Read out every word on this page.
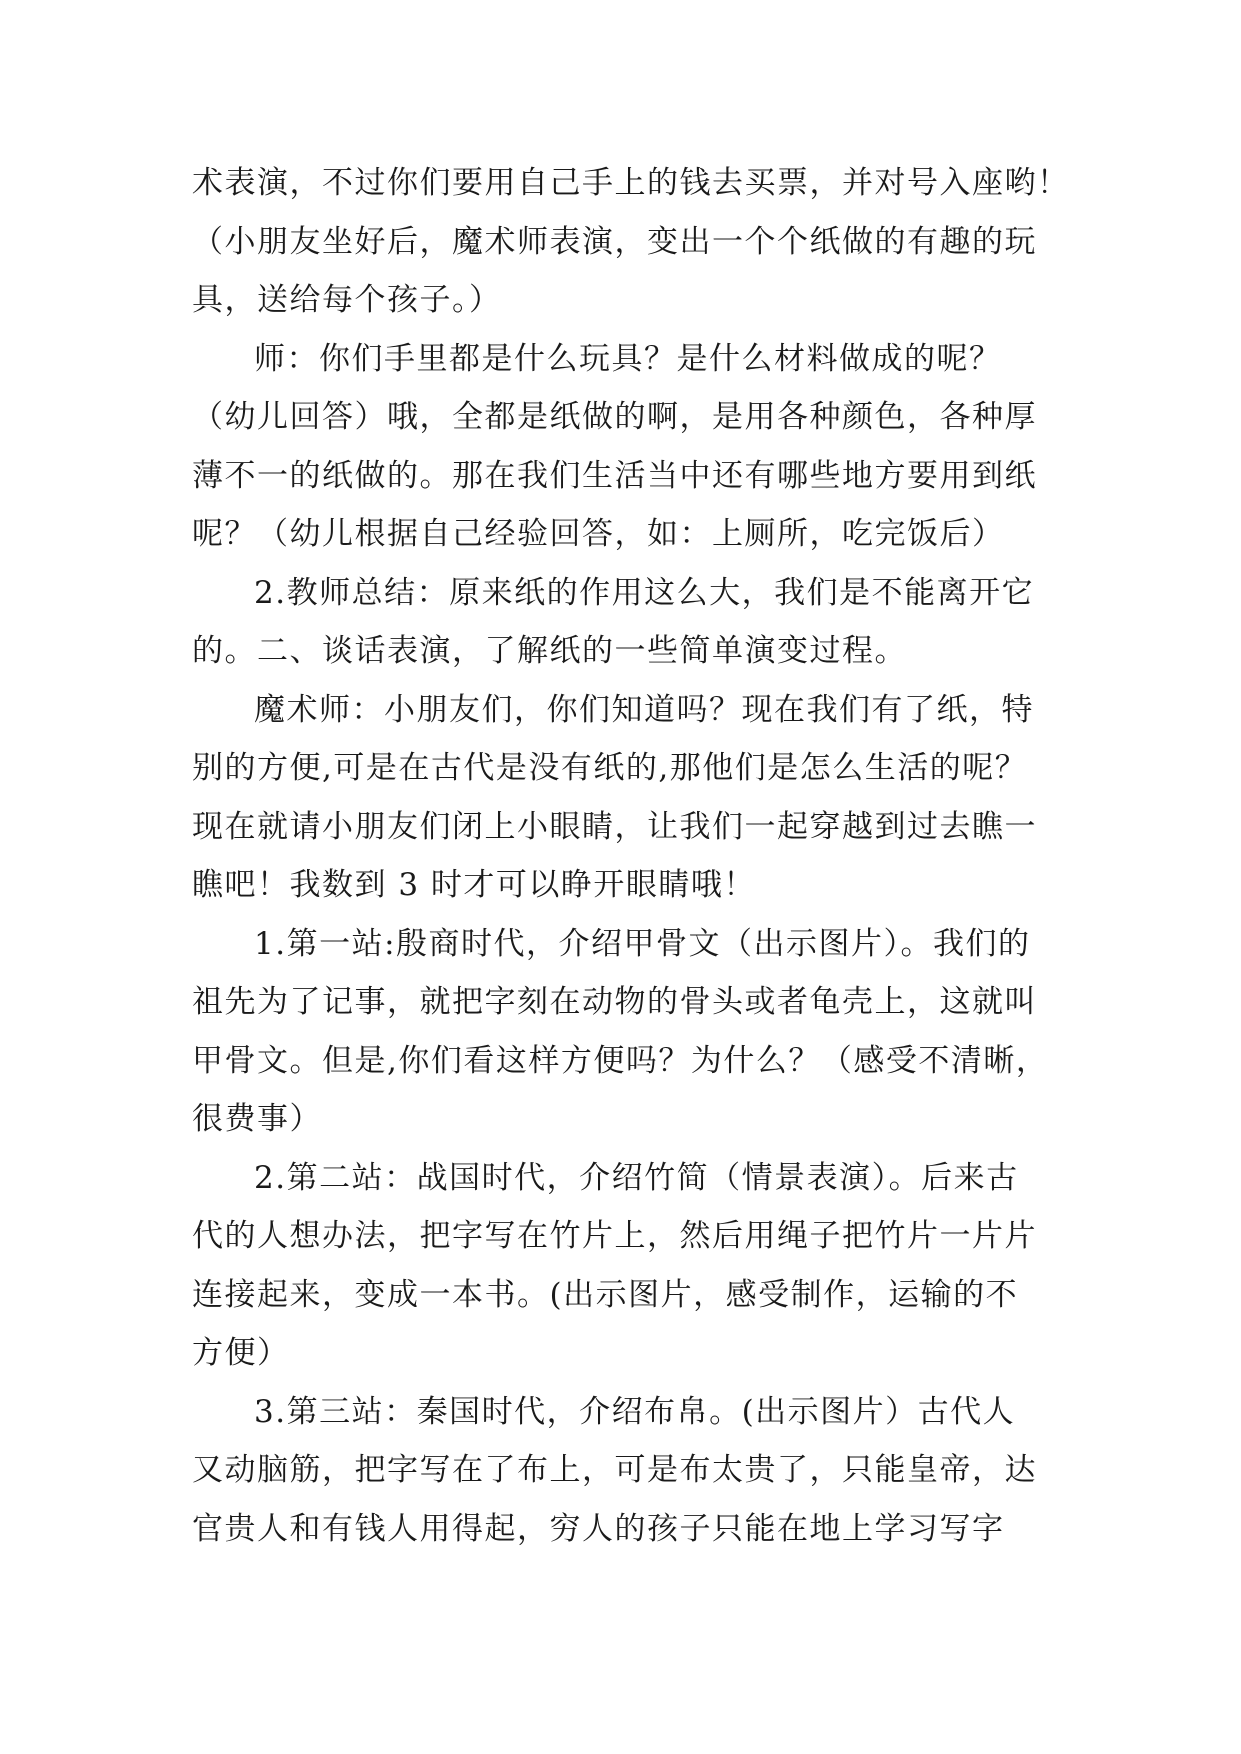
术表演，不过你们要用自己手上的钱去买票，并对号入座哟！
（小朋友坐好后，魔术师表演，变出一个个纸做的有趣的玩
具，送给每个孩子。）
师：你们手里都是什么玩具？是什么材料做成的呢？
（幼儿回答）哦，全都是纸做的啊，是用各种颜色，各种厚
薄不一的纸做的。那在我们生活当中还有哪些地方要用到纸
呢？（幼儿根据自己经验回答，如：上厕所，吃完饭后）
2.教师总结：原来纸的作用这么大，我们是不能离开它
的。二、谈话表演，了解纸的一些简单演变过程。
魔术师：小朋友们，你们知道吗？现在我们有了纸，特
别的方便,可是在古代是没有纸的,那他们是怎么生活的呢？
现在就请小朋友们闭上小眼睛，让我们一起穿越到过去瞧一
瞧吧！我数到 3 时才可以睁开眼睛哦！
1.第一站:殷商时代，介绍甲骨文（出示图片）。我们的
祖先为了记事，就把字刻在动物的骨头或者龟壳上，这就叫
甲骨文。但是,你们看这样方便吗？为什么？（感受不清晰，
很费事）
2.第二站：战国时代，介绍竹简（情景表演）。后来古
代的人想办法，把字写在竹片上，然后用绳子把竹片一片片
连接起来，变成一本书。(出示图片，感受制作，运输的不
方便）
3.第三站：秦国时代，介绍布帛。(出示图片）古代人
又动脑筋，把字写在了布上，可是布太贵了，只能皇帝，达
官贵人和有钱人用得起，穷人的孩子只能在地上学习写字
